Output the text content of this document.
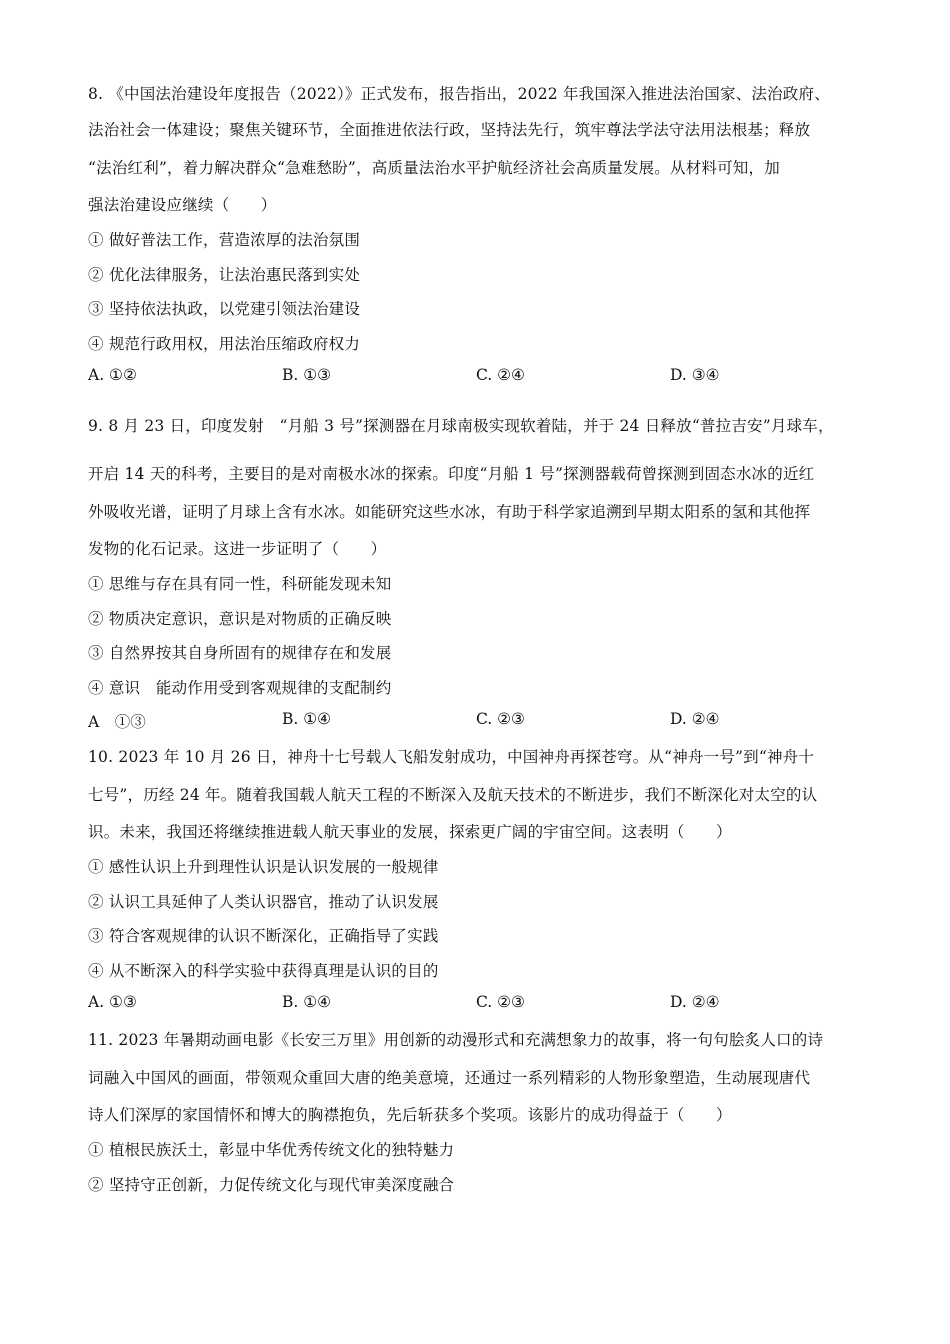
8. 《中国法治建设年度报告（2022）》正式发布，报告指出，2022 年我国深入推进法治国家、法治政府、
法治社会一体建设；聚焦关键环节，全面推进依法行政，坚持法先行，筑牢尊法学法守法用法根基；释放
“法治红利”，着力解决群众“急难愁盼”，高质量法治水平护航经济社会高质量发展。从材料可知，加
强法治建设应继续（　　）
① 做好普法工作，营造浓厚的法治氛围
② 优化法律服务，让法治惠民落到实处
③ 坚持依法执政，以党建引领法治建设
④ 规范行政用权，用法治压缩政府权力
A. ①②	B. ①③	C. ②④	D. ③④
9. 8 月 23 日，印度发射　“月船 3 号”探测器在月球南极实现软着陆，并于 24 日释放“普拉吉安”月球车，
开启 14 天的科考，主要目的是对南极水冰的探索。印度“月船 1 号”探测器载荷曾探测到固态水冰的近红
外吸收光谱，证明了月球上含有水冰。如能研究这些水冰，有助于科学家追溯到早期太阳系的氢和其他挥
发物的化石记录。这进一步证明了（　　）
① 思维与存在具有同一性，科研能发现未知
② 物质决定意识，意识是对物质的正确反映
③ 自然界按其自身所固有的规律存在和发展
④ 意识　能动作用受到客观规律的支配制约
A　①③	B. ①④	C. ②③	D. ②④
10. 2023 年 10 月 26 日，神舟十七号载人飞船发射成功，中国神舟再探苍穹。从“神舟一号”到“神舟十
七号”，历经 24 年。随着我国载人航天工程的不断深入及航天技术的不断进步，我们不断深化对太空的认
识。未来，我国还将继续推进载人航天事业的发展，探索更广阔的宇宙空间。这表明（　　）
① 感性认识上升到理性认识是认识发展的一般规律
② 认识工具延伸了人类认识器官，推动了认识发展
③ 符合客观规律的认识不断深化，正确指导了实践
④ 从不断深入的科学实验中获得真理是认识的目的
A. ①③	B. ①④	C. ②③	D. ②④
11. 2023 年暑期动画电影《长安三万里》用创新的动漫形式和充满想象力的故事，将一句句脍炙人口的诗
词融入中国风的画面，带领观众重回大唐的绝美意境，还通过一系列精彩的人物形象塑造，生动展现唐代
诗人们深厚的家国情怀和博大的胸襟抱负，先后斩获多个奖项。该影片的成功得益于（　　）
① 植根民族沃土，彰显中华优秀传统文化的独特魅力
② 坚持守正创新，力促传统文化与现代审美深度融合
